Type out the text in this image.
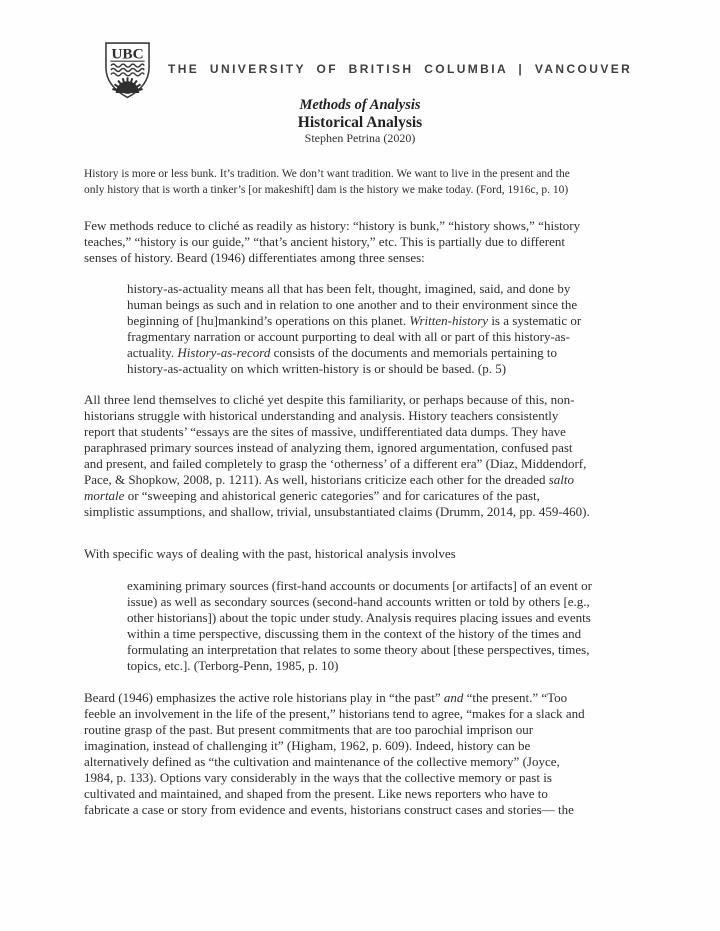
UBC
THE UNIVERSITY OF BRITISH COLUMBIA | VANCOUVER
Methods of Analysis
Historical Analysis
Stephen Petrina (2020)

History is more or less bunk. It’s tradition. We don’t want tradition. We want to live in the present and the
only history that is worth a tinker’s [or makeshift] dam is the history we make today. (Ford, 1916c, p. 10)

Few methods reduce to cliché as readily as history: “history is bunk,” “history shows,” “history
teaches,” “history is our guide,” “that’s ancient history,” etc. This is partially due to different
senses of history. Beard (1946) differentiates among three senses:

history-as-actuality means all that has been felt, thought, imagined, said, and done by
human beings as such and in relation to one another and to their environment since the
beginning of [hu]mankind’s operations on this planet. Written-history is a systematic or
fragmentary narration or account purporting to deal with all or part of this history-as-
actuality. History-as-record consists of the documents and memorials pertaining to
history-as-actuality on which written-history is or should be based. (p. 5)

All three lend themselves to cliché yet despite this familiarity, or perhaps because of this, non-
historians struggle with historical understanding and analysis. History teachers consistently
report that students’ “essays are the sites of massive, undifferentiated data dumps. They have
paraphrased primary sources instead of analyzing them, ignored argumentation, confused past
and present, and failed completely to grasp the ‘otherness’ of a different era” (Diaz, Middendorf,
Pace, & Shopkow, 2008, p. 1211). As well, historians criticize each other for the dreaded salto
mortale or “sweeping and ahistorical generic categories” and for caricatures of the past,
simplistic assumptions, and shallow, trivial, unsubstantiated claims (Drumm, 2014, pp. 459-460).

With specific ways of dealing with the past, historical analysis involves

examining primary sources (first-hand accounts or documents [or artifacts] of an event or
issue) as well as secondary sources (second-hand accounts written or told by others [e.g.,
other historians]) about the topic under study. Analysis requires placing issues and events
within a time perspective, discussing them in the context of the history of the times and
formulating an interpretation that relates to some theory about [these perspectives, times,
topics, etc.]. (Terborg-Penn, 1985, p. 10)

Beard (1946) emphasizes the active role historians play in “the past” and “the present.” “Too
feeble an involvement in the life of the present,” historians tend to agree, “makes for a slack and
routine grasp of the past. But present commitments that are too parochial imprison our
imagination, instead of challenging it” (Higham, 1962, p. 609). Indeed, history can be
alternatively defined as “the cultivation and maintenance of the collective memory” (Joyce,
1984, p. 133). Options vary considerably in the ways that the collective memory or past is
cultivated and maintained, and shaped from the present. Like news reporters who have to
fabricate a case or story from evidence and events, historians construct cases and stories— the
